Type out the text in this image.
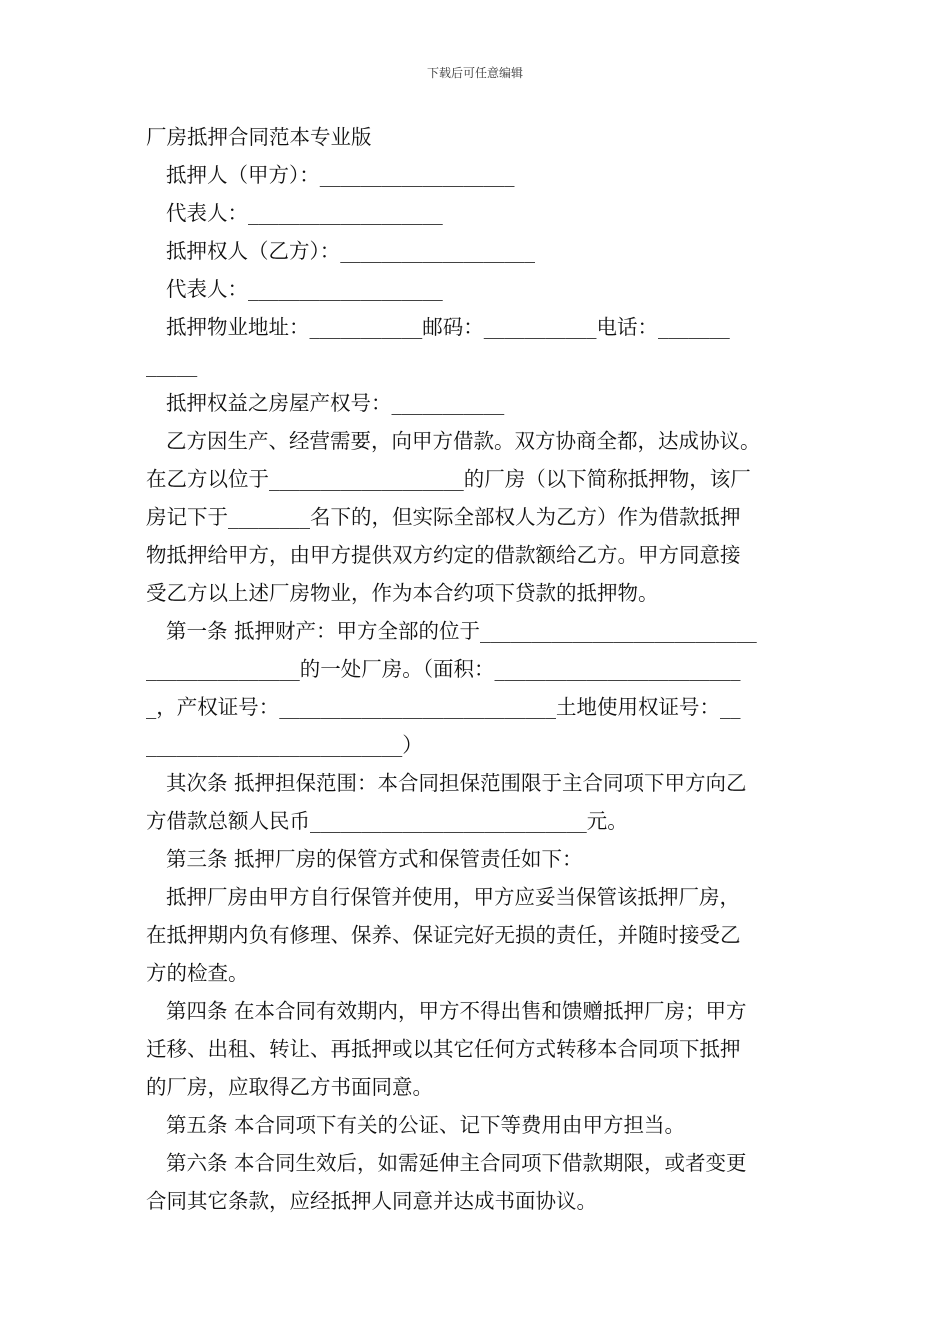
下载后可任意编辑
厂房抵押合同范本专业版
抵押人（甲方）：___________________
代表人：___________________
抵押权人（乙方）：___________________
代表人：___________________
抵押物业地址：___________邮码：___________电话：_______
_____
抵押权益之房屋产权号：___________
乙方因生产、经营需要，向甲方借款。双方协商全都，达成协议。
在乙方以位于___________________的厂房（以下简称抵押物，该厂
房记下于________名下的，但实际全部权人为乙方）作为借款抵押
物抵押给甲方，由甲方提供双方约定的借款额给乙方。甲方同意接
受乙方以上述厂房物业，作为本合约项下贷款的抵押物。
第一条 抵押财产：甲方全部的位于___________________________
_______________的一处厂房。（面积：________________________
_，产权证号：___________________________土地使用权证号：__
_________________________）
其次条 抵押担保范围：本合同担保范围限于主合同项下甲方向乙
方借款总额人民币___________________________元。
第三条 抵押厂房的保管方式和保管责任如下：
抵押厂房由甲方自行保管并使用，甲方应妥当保管该抵押厂房，
在抵押期内负有修理、保养、保证完好无损的责任，并随时接受乙
方的检查。
第四条 在本合同有效期内，甲方不得出售和馈赠抵押厂房；甲方
迁移、出租、转让、再抵押或以其它任何方式转移本合同项下抵押
的厂房，应取得乙方书面同意。
第五条 本合同项下有关的公证、记下等费用由甲方担当。
第六条 本合同生效后，如需延伸主合同项下借款期限，或者变更
合同其它条款，应经抵押人同意并达成书面协议。
